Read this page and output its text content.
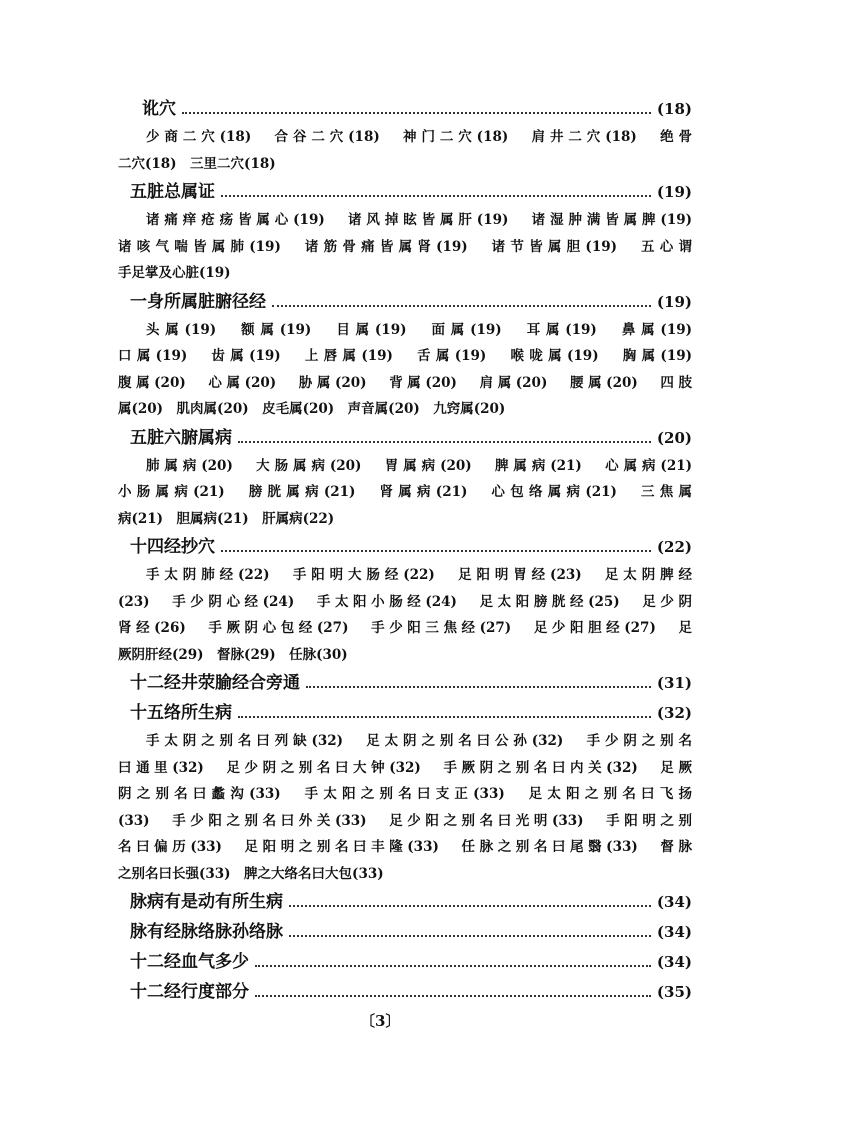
讹穴	(18)
少商二穴(18)　合谷二穴(18)　神门二穴(18)　肩井二穴(18)　绝骨
二穴(18)　三里二穴(18)
五脏总属证	(19)
诸痛痒疮疡皆属心(19)　诸风掉眩皆属肝(19)　诸湿肿满皆属脾(19)
诸咳气喘皆属肺(19)　诸筋骨痛皆属肾(19)　诸节皆属胆(19)　五心谓
手足掌及心脏(19)
一身所属脏腑径经	(19)
头属(19)　额属(19)　目属(19)　面属(19)　耳属(19)　鼻属(19)
口属(19)　齿属(19)　上唇属(19)　舌属(19)　喉咙属(19)　胸属(19)
腹属(20)　心属(20)　胁属(20)　背属(20)　肩属(20)　腰属(20)　四肢
属(20)　肌肉属(20)　皮毛属(20)　声音属(20)　九窍属(20)
五脏六腑属病	(20)
肺属病(20)　大肠属病(20)　胃属病(20)　脾属病(21)　心属病(21)
小肠属病(21)　膀胱属病(21)　肾属病(21)　心包络属病(21)　三焦属
病(21)　胆属病(21)　肝属病(22)
十四经抄穴	(22)
手太阴肺经(22)　手阳明大肠经(22)　足阳明胃经(23)　足太阴脾经
(23)　手少阴心经(24)　手太阳小肠经(24)　足太阳膀胱经(25)　足少阴
肾经(26)　手厥阴心包经(27)　手少阳三焦经(27)　足少阳胆经(27)　足
厥阴肝经(29)　督脉(29)　任脉(30)
十二经井荥腧经合旁通	(31)
十五络所生病	(32)
手太阴之别名曰列缺(32)　足太阴之别名曰公孙(32)　手少阴之别名
曰通里(32)　足少阴之别名曰大钟(32)　手厥阴之别名曰内关(32)　足厥
阴之别名曰蠡沟(33)　手太阳之别名曰支正(33)　足太阳之别名曰飞扬
(33)　手少阳之别名曰外关(33)　足少阳之别名曰光明(33)　手阳明之别
名曰偏历(33)　足阳明之别名曰丰隆(33)　任脉之别名曰尾翳(33)　督脉
之别名曰长强(33)　脾之大络名曰大包(33)
脉病有是动有所生病	(34)
脉有经脉络脉孙络脉	(34)
十二经血气多少	(34)
十二经行度部分	(35)
〔3〕
